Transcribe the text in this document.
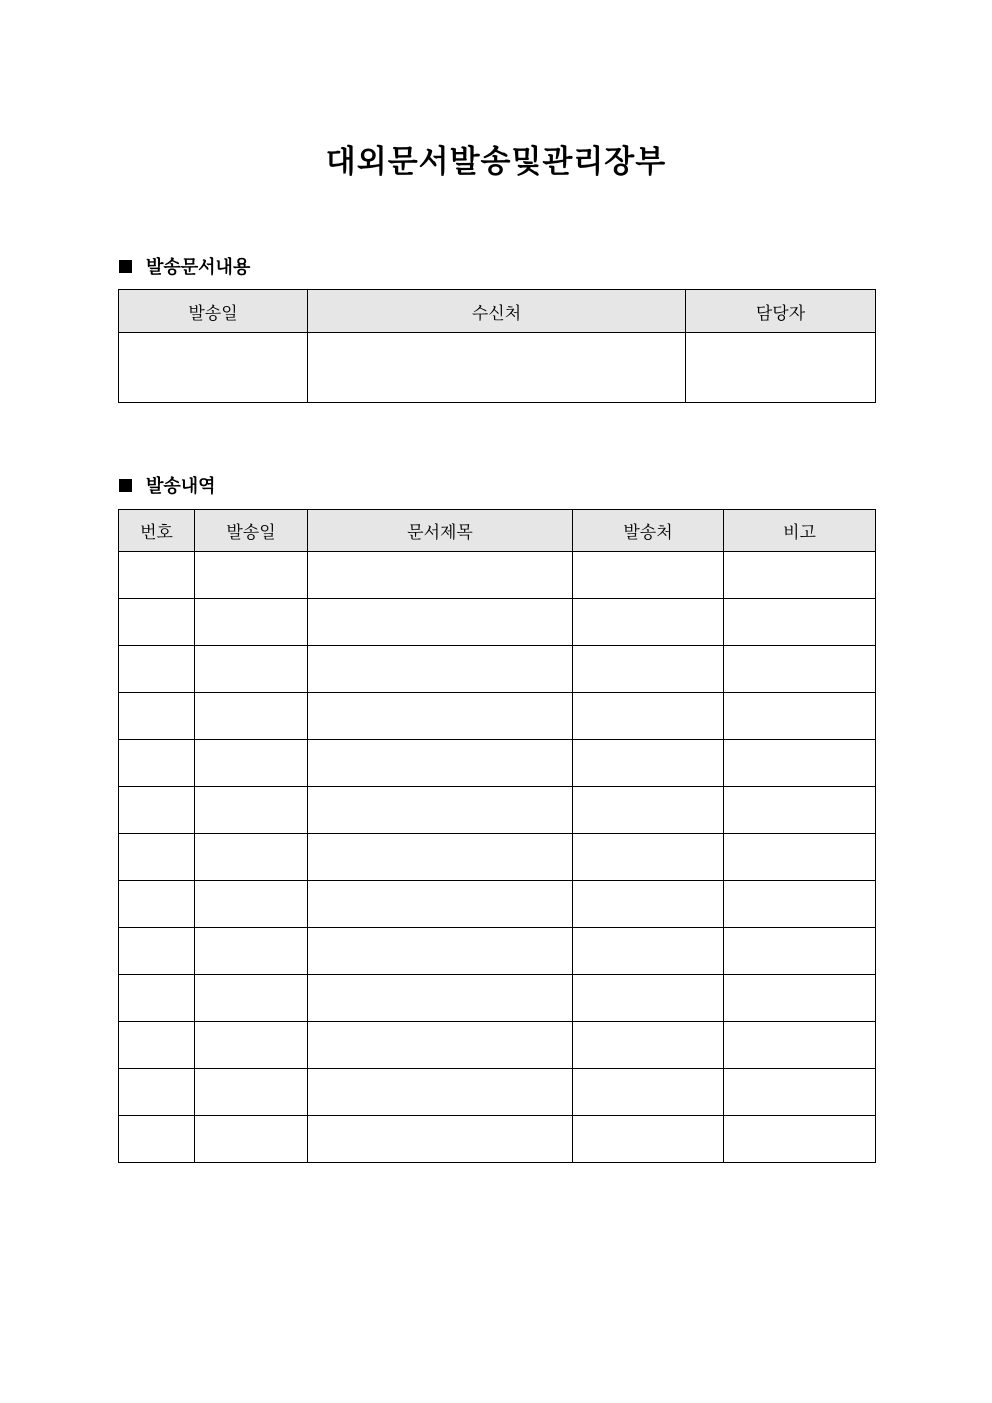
대외문서발송및관리장부
발송문서내용
발송일	수신처	담당자

발송내역
번호	발송일	문서제목	발송처	비고
